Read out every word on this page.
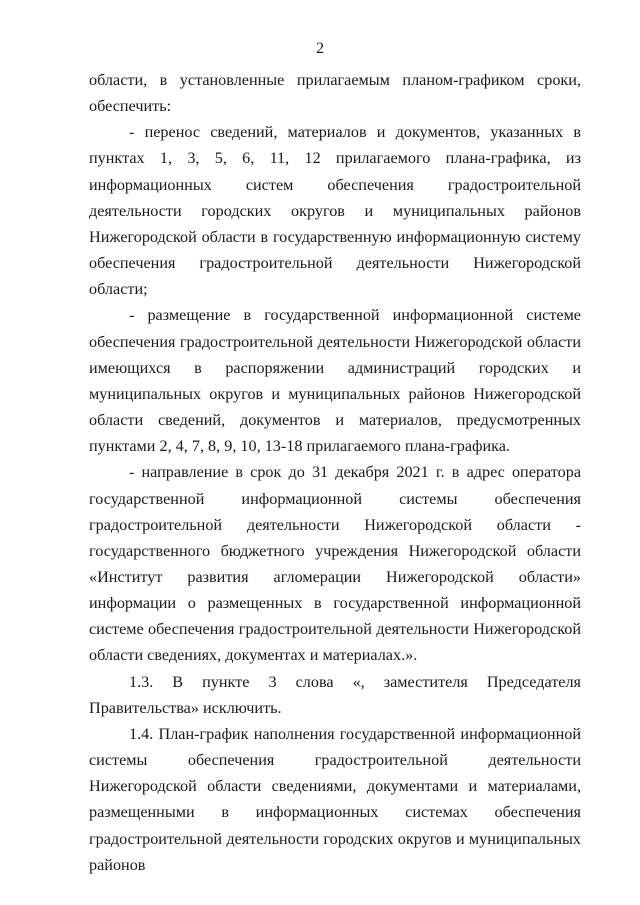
2

области, в установленные прилагаемым планом-графиком сроки, обеспечить:

- перенос сведений, материалов и документов, указанных в пунктах 1, 3, 5, 6, 11, 12 прилагаемого плана-графика, из информационных систем обеспечения градостроительной деятельности городских округов и муниципальных районов Нижегородской области в государственную информационную систему обеспечения градостроительной деятельности Нижегородской области;

- размещение в государственной информационной системе обеспечения градостроительной деятельности Нижегородской области имеющихся в распоряжении администраций городских и муниципальных округов и муниципальных районов Нижегородской области сведений, документов и материалов, предусмотренных пунктами 2, 4, 7, 8, 9, 10, 13-18 прилагаемого плана-графика.

- направление в срок до 31 декабря 2021 г. в адрес оператора государственной информационной системы обеспечения градостроительной деятельности Нижегородской области - государственного бюджетного учреждения Нижегородской области «Институт развития агломерации Нижегородской области» информации о размещенных в государственной информационной системе обеспечения градостроительной деятельности Нижегородской области сведениях, документах и материалах.».

1.3. В пункте 3 слова «, заместителя Председателя Правительства» исключить.

1.4. План-график наполнения государственной информационной системы обеспечения градостроительной деятельности Нижегородской области сведениями, документами и материалами, размещенными в информационных системах обеспечения градостроительной деятельности городских округов и муниципальных районов
